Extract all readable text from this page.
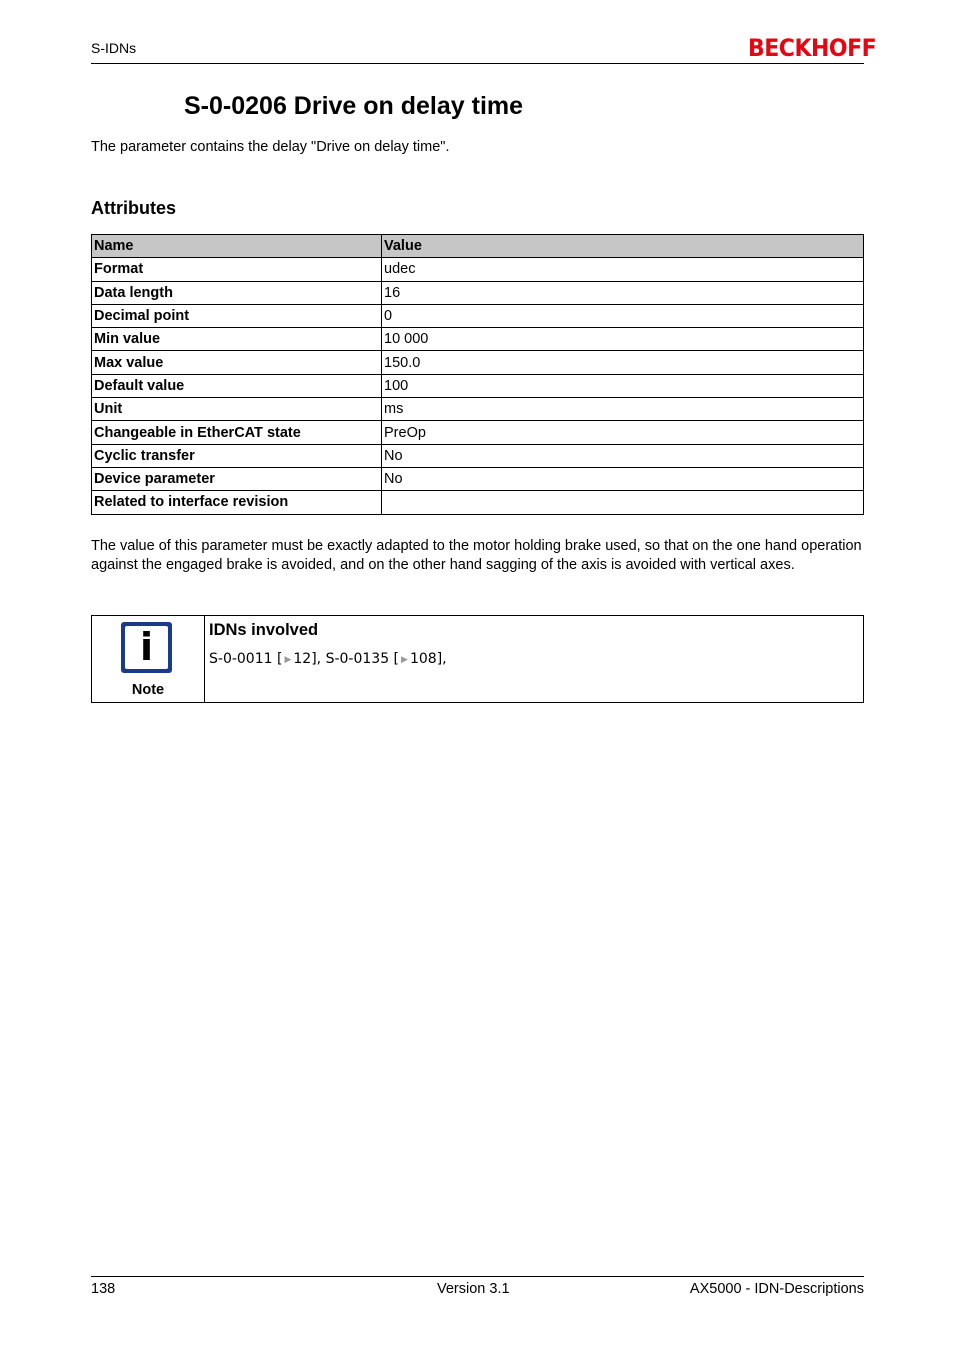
S-IDNs	BECKHOFF
S-0-0206 Drive on delay time
The parameter contains the delay "Drive on delay time".
Attributes
Name	Value
Format	udec
Data length	16
Decimal point	0
Min value	10 000
Max value	150.0
Default value	100
Unit	ms
Changeable in EtherCAT state	PreOp
Cyclic transfer	No
Device parameter	No
Related to interface revision	
The value of this parameter must be exactly adapted to the motor holding brake used, so that on the one hand operation against the engaged brake is avoided, and on the other hand sagging of the axis is avoided with vertical axes.
i
Note
IDNs involved
S-0-0011 [ ▶ 12], S-0-0135 [ ▶ 108],
138	Version 3.1	AX5000 - IDN-Descriptions
